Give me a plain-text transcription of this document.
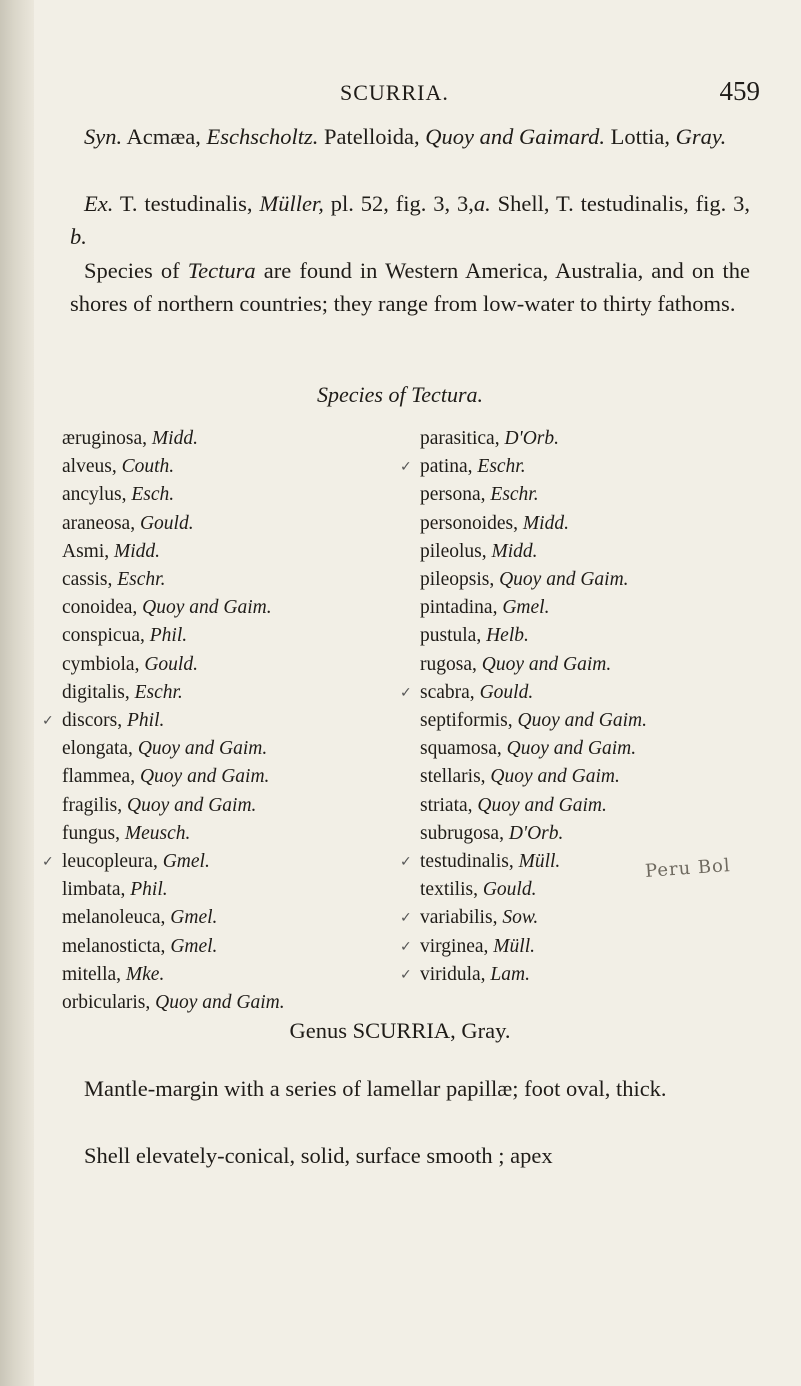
SCURRIA.	459

Syn. Acmæa, Eschscholtz. Patelloida, Quoy and Gaimard. Lottia, Gray.

Ex. T. testudinalis, Müller, pl. 52, fig. 3, 3,a. Shell, T. testudinalis, fig. 3, b.

Species of Tectura are found in Western America, Australia, and on the shores of northern countries; they range from low-water to thirty fathoms.

Species of Tectura.
æruginosa, Midd.
alveus, Couth.
ancylus, Esch.
araneosa, Gould.
Asmi, Midd.
cassis, Eschr.
conoidea, Quoy and Gaim.
conspicua, Phil.
cymbiola, Gould.
digitalis, Eschr.
✓ discors, Phil.
elongata, Quoy and Gaim.
flammea, Quoy and Gaim.
fragilis, Quoy and Gaim.
fungus, Meusch.
✓ leucopleura, Gmel.
limbata, Phil.
melanoleuca, Gmel.
melanosticta, Gmel.
mitella, Mke.
orbicularis, Quoy and Gaim.
parasitica, D'Orb.
✓ patina, Eschr.
persona, Eschr.
personoides, Midd.
pileolus, Midd.
pileopsis, Quoy and Gaim.
pintadina, Gmel.
pustula, Helb.
rugosa, Quoy and Gaim.
✓ scabra, Gould.
septiformis, Quoy and Gaim.
squamosa, Quoy and Gaim.
stellaris, Quoy and Gaim.
striata, Quoy and Gaim.
subrugosa, D'Orb.
✓ testudinalis, Müll.
textilis, Gould.
✓ variabilis, Sow.
✓ virginea, Müll.
✓ viridula, Lam.
Peru Bol
Genus SCURRIA, Gray.

Mantle-margin with a series of lamellar papillæ; foot oval, thick.

Shell elevately-conical, solid, surface smooth ; apex
